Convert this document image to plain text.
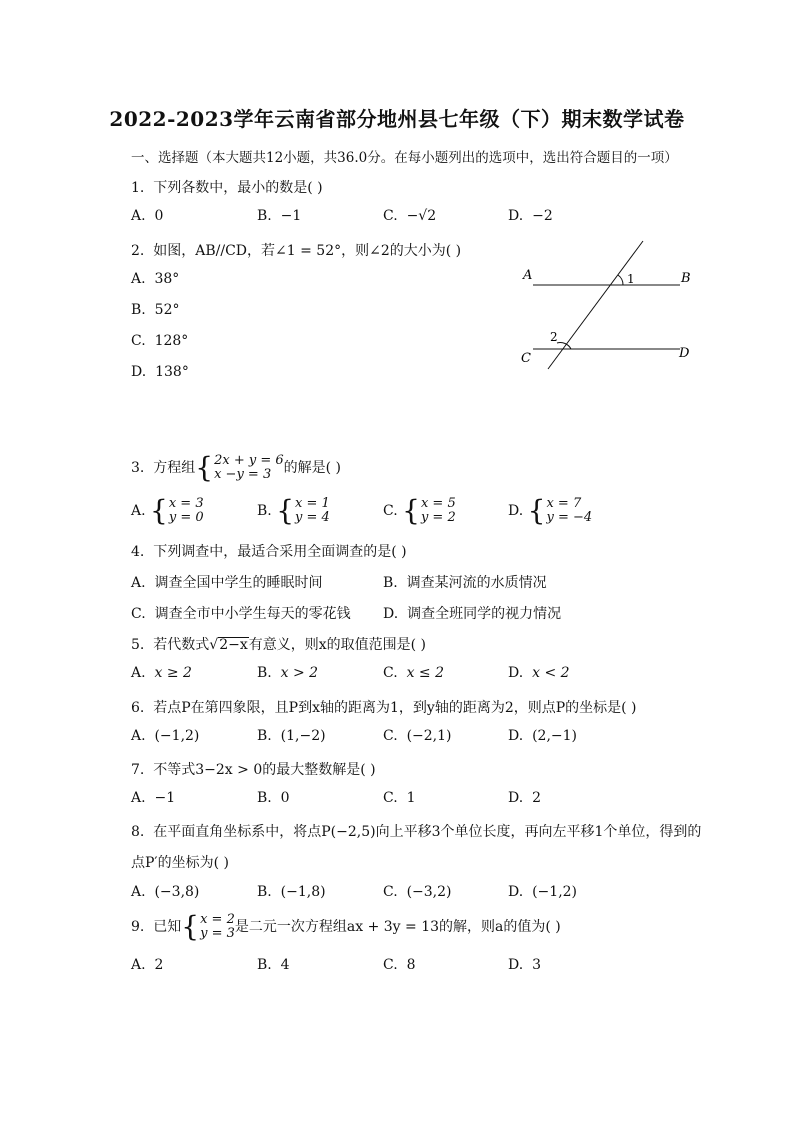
2022-2023学年云南省部分地州县七年级（下）期末数学试卷
一、选择题（本大题共12小题，共36.0分。在每小题列出的选项中，选出符合题目的一项）
1. 下列各数中，最小的数是( )
A. 0	B. −1	C. −√2	D. −2
2. 如图，AB//CD，若∠1 = 52°，则∠2的大小为( )
A. 38°
B. 52°
C. 128°
D. 138°
A	B
C	D
1
2
3. 方程组{ 2x + y = 6
x −y = 3 的解是( )
A. { x = 3
y = 0	B. { x = 1
y = 4	C. { x = 5
y = 2	D. { x = 7
y = −4
4. 下列调查中，最适合采用全面调查的是( )
A. 调查全国中学生的睡眠时间	B. 调查某河流的水质情况
C. 调查全市中小学生每天的零花钱 D. 调查全班同学的视力情况
5. 若代数式√2−x有意义，则x的取值范围是( )
A. x ≥ 2	B. x > 2	C. x ≤ 2	D. x < 2
6. 若点P在第四象限，且P到x轴的距离为1，到y轴的距离为2，则点P的坐标是( )
A. (−1,2)	B. (1,−2)	C. (−2,1)	D. (2,−1)
7. 不等式3−2x > 0的最大整数解是( )
A. −1	B. 0	C. 1	D. 2
8. 在平面直角坐标系中，将点P(−2,5)向上平移3个单位长度，再向左平移1个单位，得到的
点P′的坐标为( )
A. (−3,8)	B. (−1,8)	C. (−3,2)	D. (−1,2)
9. 已知{ x = 2
y = 3 是二元一次方程组ax + 3y = 13的解，则a的值为( )
A. 2	B. 4	C. 8	D. 3
